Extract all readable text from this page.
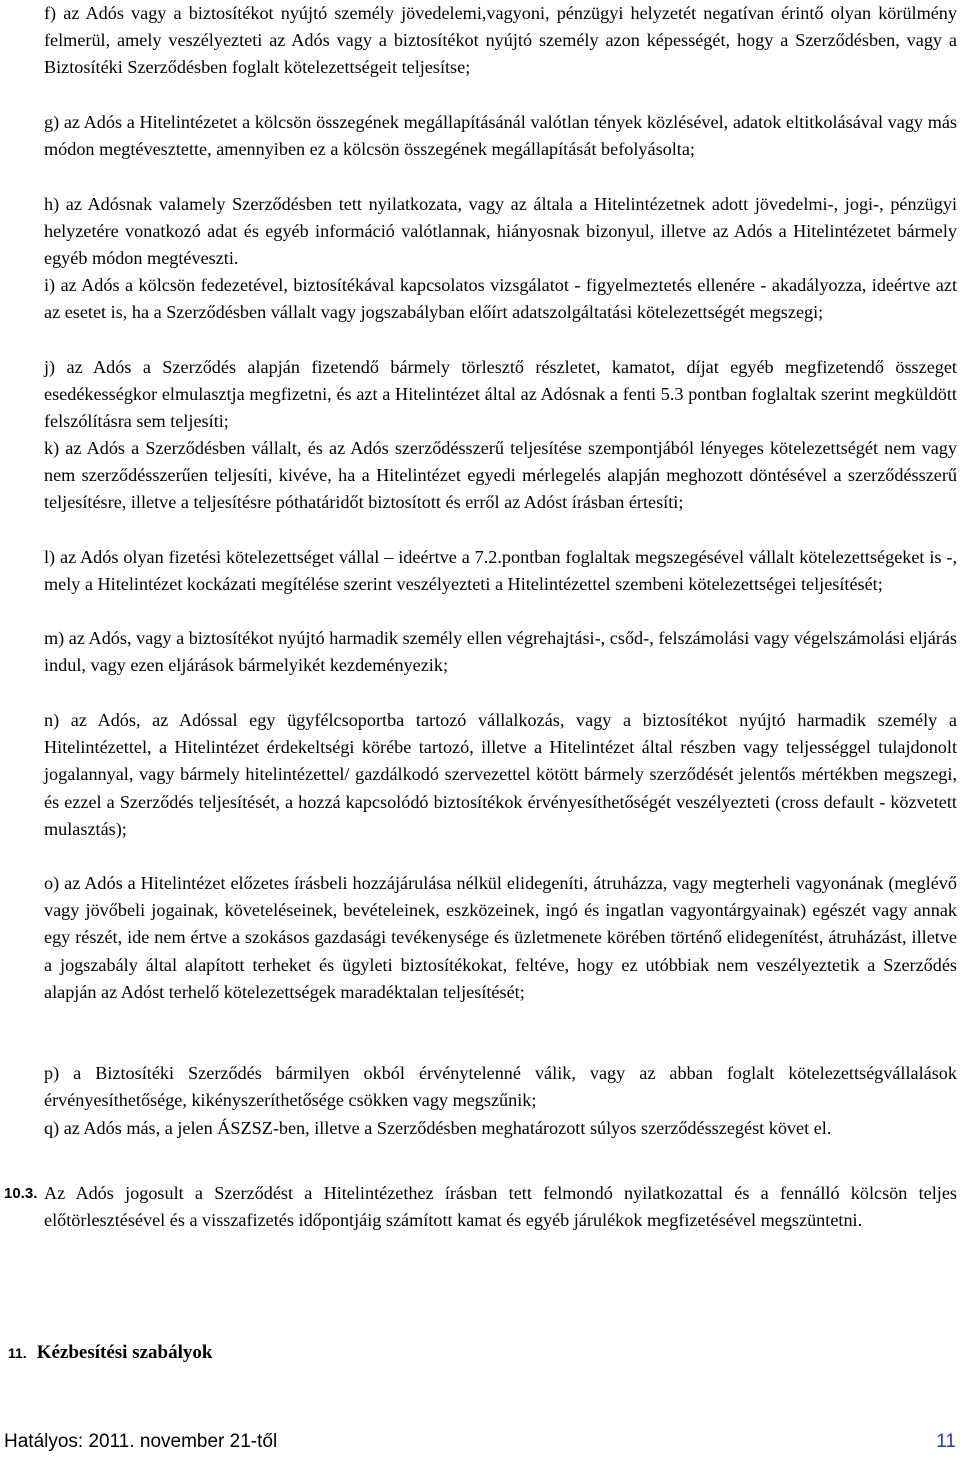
f) az Adós vagy a biztosítékot nyújtó személy jövedelemi,vagyoni, pénzügyi helyzetét negatívan érintő olyan körülmény felmerül, amely veszélyezteti az Adós vagy a biztosítékot nyújtó személy azon képességét, hogy a Szerződésben, vagy a Biztosítéki Szerződésben foglalt kötelezettségeit teljesítse;

g) az Adós a Hitelintézetet a kölcsön összegének megállapításánál valótlan tények közlésével, adatok eltitkolásával vagy más módon megtévesztette, amennyiben ez a kölcsön összegének megállapítását befolyásolta;

h) az Adósnak valamely Szerződésben tett nyilatkozata, vagy az általa a Hitelintézetnek adott jövedelmi-, jogi-, pénzügyi helyzetére vonatkozó adat és egyéb információ valótlannak, hiányosnak bizonyul, illetve az Adós a Hitelintézetet bármely egyéb módon megtéveszti.

i) az Adós a kölcsön fedezetével, biztosítékával kapcsolatos vizsgálatot - figyelmeztetés ellenére - akadályozza, ideértve azt az esetet is, ha a Szerződésben vállalt vagy jogszabályban előírt adatszolgáltatási kötelezettségét megszegi;

j) az Adós a Szerződés alapján fizetendő bármely törlesztő részletet, kamatot, díjat egyéb megfizetendő összeget esedékességkor elmulasztja megfizetni, és azt a Hitelintézet által az Adósnak a fenti 5.3 pontban foglaltak szerint megküldött felszólításra sem teljesíti;

k) az Adós a Szerződésben vállalt, és az Adós szerződésszerű teljesítése szempontjából lényeges kötelezettségét nem vagy nem szerződésszerűen teljesíti, kivéve, ha a Hitelintézet egyedi mérlegelés alapján meghozott döntésével a szerződésszerű teljesítésre, illetve a teljesítésre póthatáridőt biztosított és erről az Adóst írásban értesíti;

l) az Adós olyan fizetési kötelezettséget vállal – ideértve a 7.2.pontban foglaltak megszegésével vállalt kötelezettségeket is -, mely a Hitelintézet kockázati megítélése szerint veszélyezteti a Hitelintézettel szembeni kötelezettségei teljesítését;

m) az Adós, vagy a biztosítékot nyújtó harmadik személy ellen végrehajtási-, csőd-, felszámolási vagy végelszámolási eljárás indul, vagy ezen eljárások bármelyikét kezdeményezik;

n) az Adós, az Adóssal egy ügyfélcsoportba tartozó vállalkozás, vagy a biztosítékot nyújtó harmadik személy a Hitelintézettel, a Hitelintézet érdekeltségi körébe tartozó, illetve a Hitelintézet által részben vagy teljességgel tulajdonolt jogalannyal, vagy bármely hitelintézettel/ gazdálkodó szervezettel kötött bármely szerződését jelentős mértékben megszegi, és ezzel a Szerződés teljesítését, a hozzá kapcsolódó biztosítékok érvényesíthetőségét veszélyezteti (cross default - közvetett mulasztás);

o) az Adós a Hitelintézet előzetes írásbeli hozzájárulása nélkül elidegeníti, átruházza, vagy megterheli vagyonának (meglévő vagy jövőbeli jogainak, követeléseinek, bevételeinek, eszközeinek, ingó és ingatlan vagyontárgyainak) egészét vagy annak egy részét, ide nem értve a szokásos gazdasági tevékenysége és üzletmenete körében történő elidegenítést, átruházást, illetve a jogszabály által alapított terheket és ügyleti biztosítékokat, feltéve, hogy ez utóbbiak nem veszélyeztetik a Szerződés alapján az Adóst terhelő kötelezettségek maradéktalan teljesítését;

p) a Biztosítéki Szerződés bármilyen okból érvénytelenné válik, vagy az abban foglalt kötelezettségvállalások érvényesíthetősége, kikényszeríthetősége csökken vagy megszűnik;

q) az Adós más, a jelen ÁSZSZ-ben, illetve a Szerződésben meghatározott súlyos szerződésszegést követ el.

10.3. Az Adós jogosult a Szerződést a Hitelintézethez írásban tett felmondó nyilatkozattal és a fennálló kölcsön teljes előtörlesztésével és a visszafizetés időpontjáig számított kamat és egyéb járulékok megfizetésével megszüntetni.

11. Kézbesítési szabályok
Hatályos: 2011. november 21-től	11
